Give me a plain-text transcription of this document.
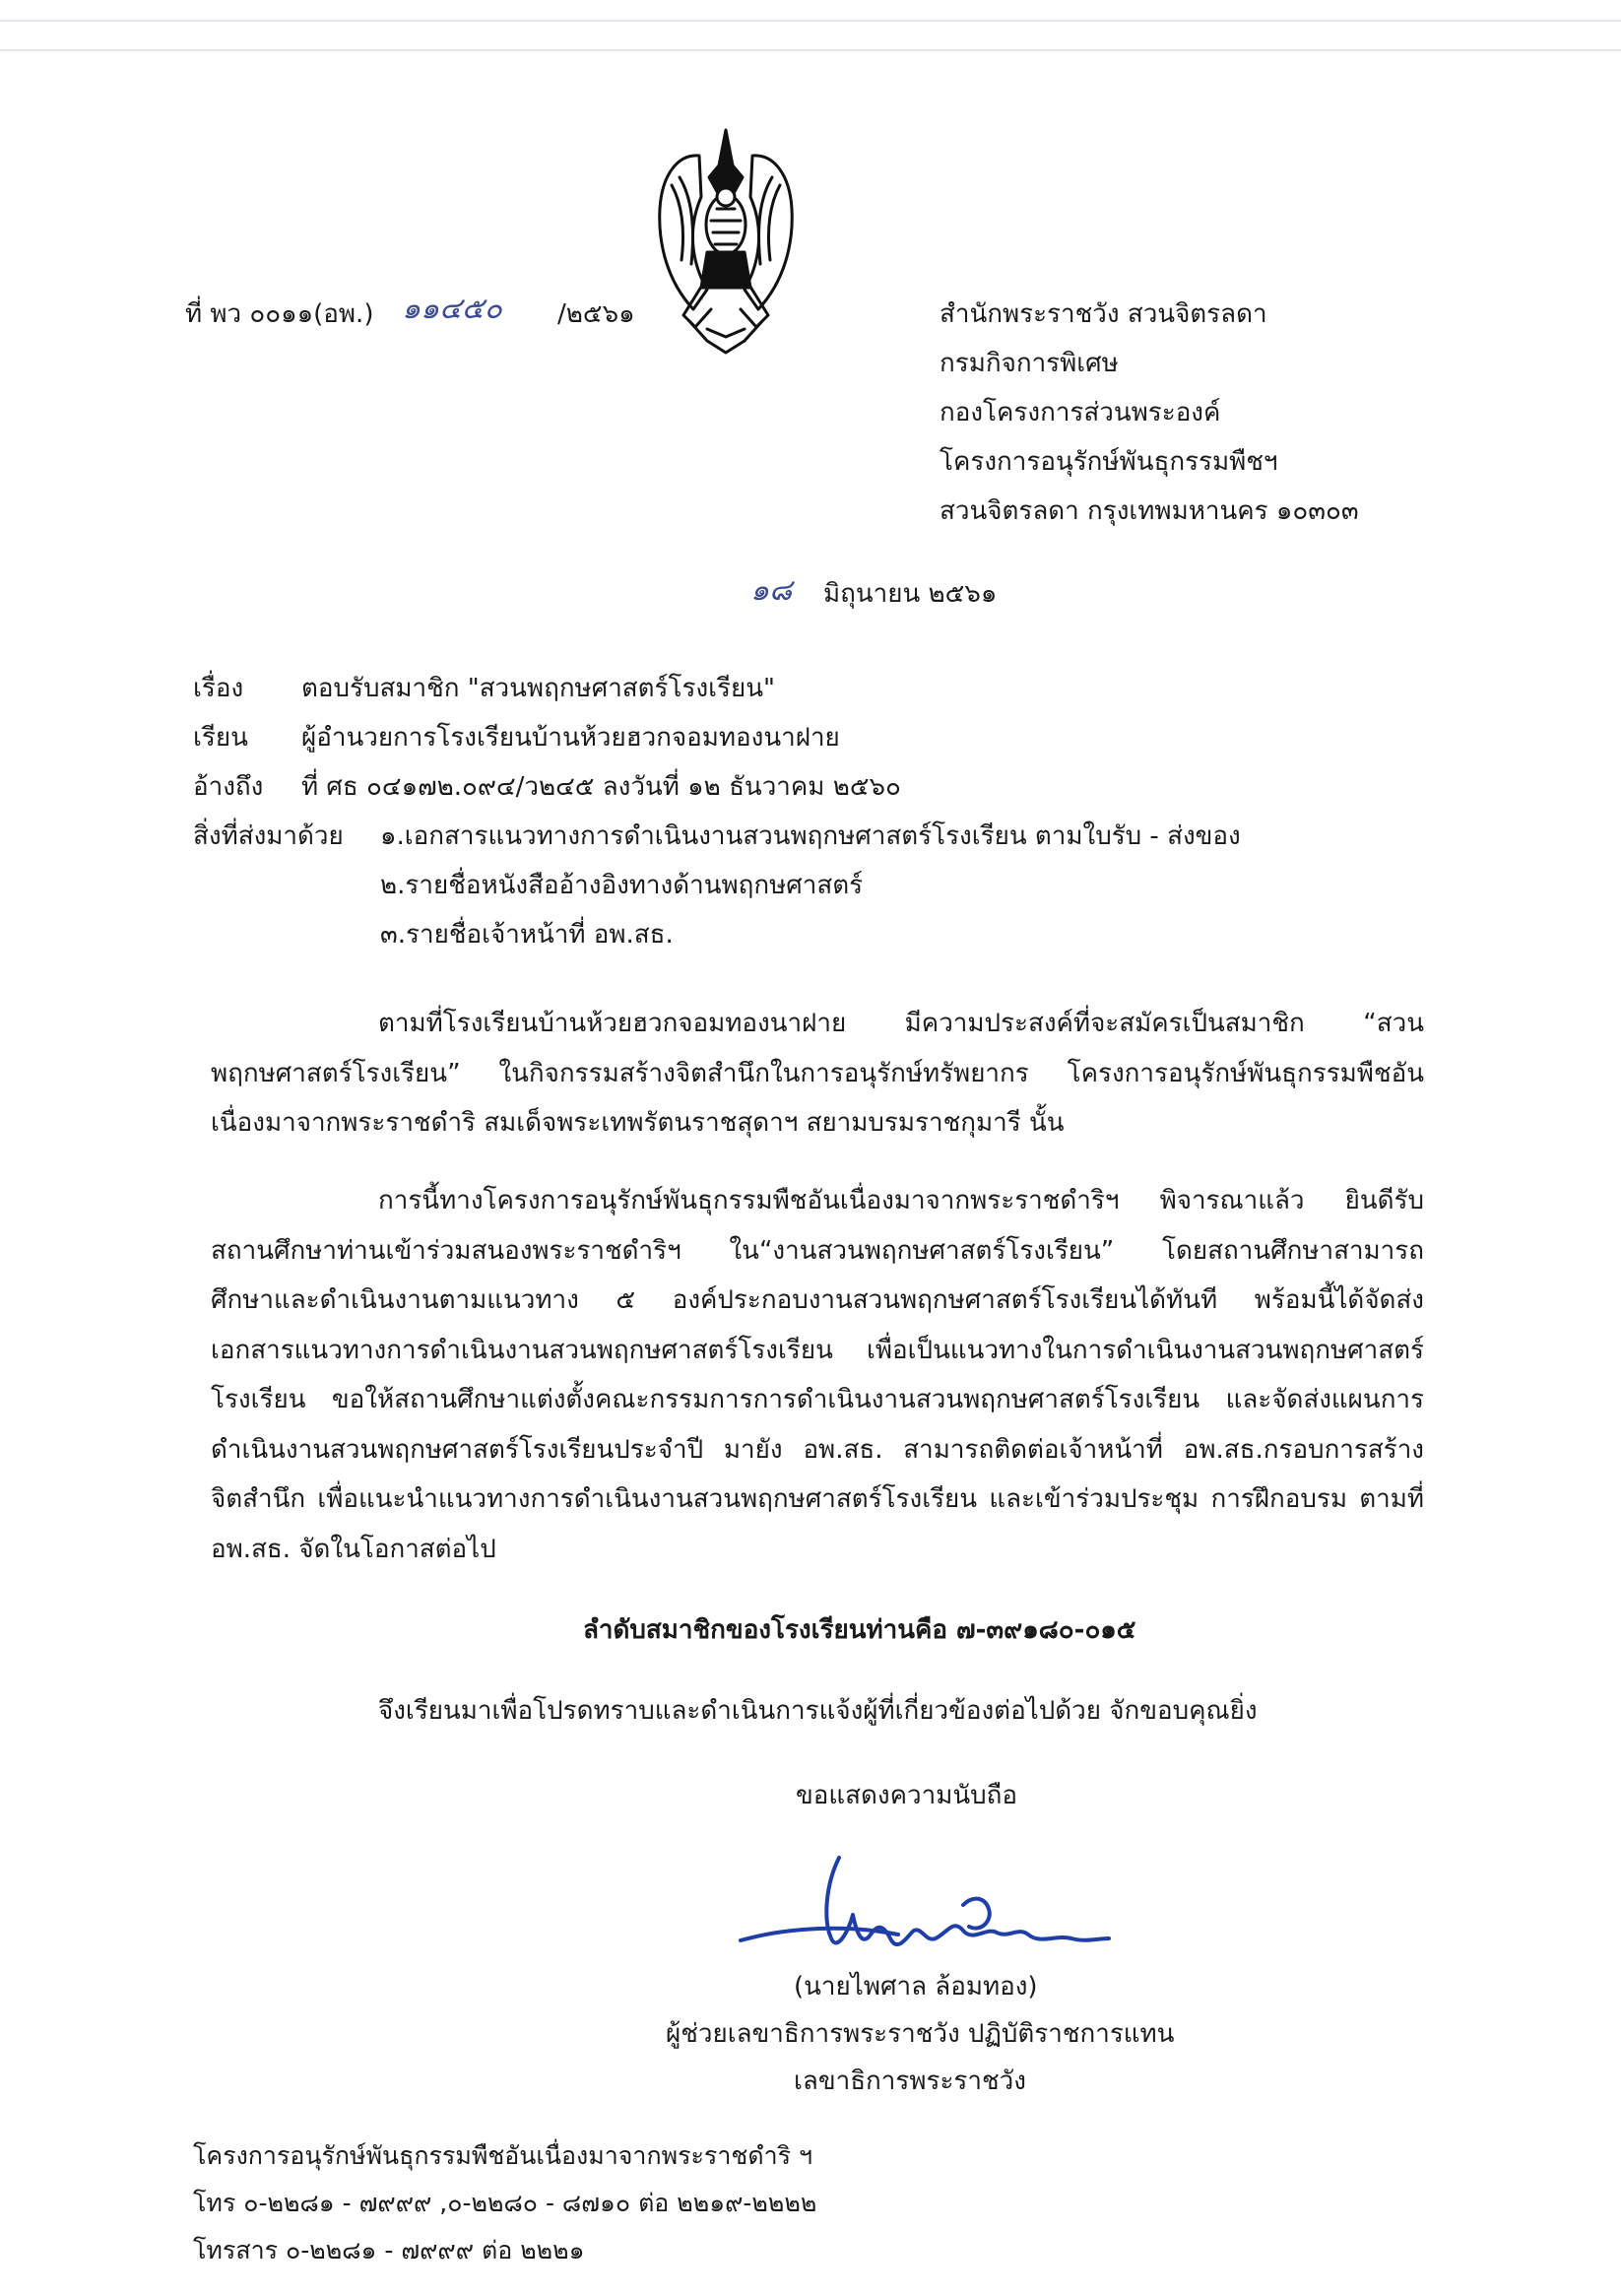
ที่ พว ๐๐๑๑(อพ.) ๑๑๔๕๐ /๒๕๖๑	สำนักพระราชวัง สวนจิตรลดา
กรมกิจการพิเศษ
กองโครงการส่วนพระองค์
โครงการอนุรักษ์พันธุกรรมพืชฯ
สวนจิตรลดา กรุงเทพมหานคร ๑๐๓๐๓
๑๘ มิถุนายน ๒๕๖๑
เรื่อง ตอบรับสมาชิก "สวนพฤกษศาสตร์โรงเรียน"
เรียน ผู้อำนวยการโรงเรียนบ้านห้วยฮวกจอมทองนาฝาย
อ้างถึง ที่ ศธ ๐๔๑๗๒.๐๙๔/ว๒๔๕ ลงวันที่ ๑๒ ธันวาคม ๒๕๖๐
สิ่งที่ส่งมาด้วย ๑.เอกสารแนวทางการดำเนินงานสวนพฤกษศาสตร์โรงเรียน ตามใบรับ - ส่งของ
๒.รายชื่อหนังสืออ้างอิงทางด้านพฤกษศาสตร์
๓.รายชื่อเจ้าหน้าที่ อพ.สธ.

ตามที่โรงเรียนบ้านห้วยฮวกจอมทองนาฝาย มีความประสงค์ที่จะสมัครเป็นสมาชิก “สวน

พฤกษศาสตร์โรงเรียน” ในกิจกรรมสร้างจิตสำนึกในการอนุรักษ์ทรัพยากร โครงการอนุรักษ์พันธุกรรมพืชอัน

เนื่องมาจากพระราชดำริ สมเด็จพระเทพรัตนราชสุดาฯ สยามบรมราชกุมารี นั้น

การนี้ทางโครงการอนุรักษ์พันธุกรรมพืชอันเนื่องมาจากพระราชดำริฯ พิจารณาแล้ว ยินดีรับ

สถานศึกษาท่านเข้าร่วมสนองพระราชดำริฯ ใน“งานสวนพฤกษศาสตร์โรงเรียน” โดยสถานศึกษาสามารถ

ศึกษาและดำเนินงานตามแนวทาง ๕ องค์ประกอบงานสวนพฤกษศาสตร์โรงเรียนได้ทันที พร้อมนี้ได้จัดส่ง

เอกสารแนวทางการดำเนินงานสวนพฤกษศาสตร์โรงเรียน เพื่อเป็นแนวทางในการดำเนินงานสวนพฤกษศาสตร์

โรงเรียน ขอให้สถานศึกษาแต่งตั้งคณะกรรมการการดำเนินงานสวนพฤกษศาสตร์โรงเรียน และจัดส่งแผนการ

ดำเนินงานสวนพฤกษศาสตร์โรงเรียนประจำปี มายัง อพ.สธ. สามารถติดต่อเจ้าหน้าที่ อพ.สธ.กรอบการสร้าง

จิตสำนึก เพื่อแนะนำแนวทางการดำเนินงานสวนพฤกษศาสตร์โรงเรียน และเข้าร่วมประชุม การฝึกอบรม ตามที่

อพ.สธ. จัดในโอกาสต่อไป

ลำดับสมาชิกของโรงเรียนท่านคือ ๗-๓๙๑๘๐-๐๑๕
จึงเรียนมาเพื่อโปรดทราบและดำเนินการแจ้งผู้ที่เกี่ยวข้องต่อไปด้วย จักขอบคุณยิ่ง
ขอแสดงความนับถือ
(นายไพศาล ล้อมทอง)
ผู้ช่วยเลขาธิการพระราชวัง ปฏิบัติราชการแทน
เลขาธิการพระราชวัง
โครงการอนุรักษ์พันธุกรรมพืชอันเนื่องมาจากพระราชดำริ ฯ
โทร ๐-๒๒๘๑ - ๗๙๙๙ ,๐-๒๒๘๐ - ๘๗๑๐ ต่อ ๒๒๑๙-๒๒๒๒
โทรสาร ๐-๒๒๘๑ - ๗๙๙๙ ต่อ ๒๒๒๑
